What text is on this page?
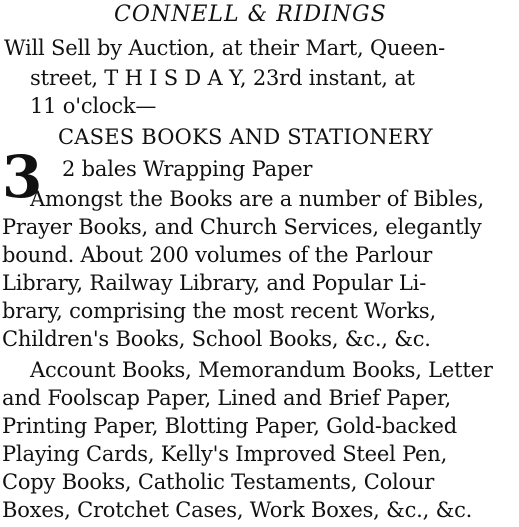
CONNELL & RIDINGS
Will Sell by Auction, at their Mart, Queen-
street, T H I S D A Y, 23rd instant, at
11 o'clock—
3
CASES BOOKS AND STATIONERY
2 bales Wrapping Paper
Amongst the Books are a number of Bibles,
Prayer Books, and Church Services, elegantly
bound. About 200 volumes of the Parlour
Library, Railway Library, and Popular Li-
brary, comprising the most recent Works,
Children's Books, School Books, &c., &c.
Account Books, Memorandum Books, Letter
and Foolscap Paper, Lined and Brief Paper,
Printing Paper, Blotting Paper, Gold-backed
Playing Cards, Kelly's Improved Steel Pen,
Copy Books, Catholic Testaments, Colour
Boxes, Crotchet Cases, Work Boxes, &c., &c.
